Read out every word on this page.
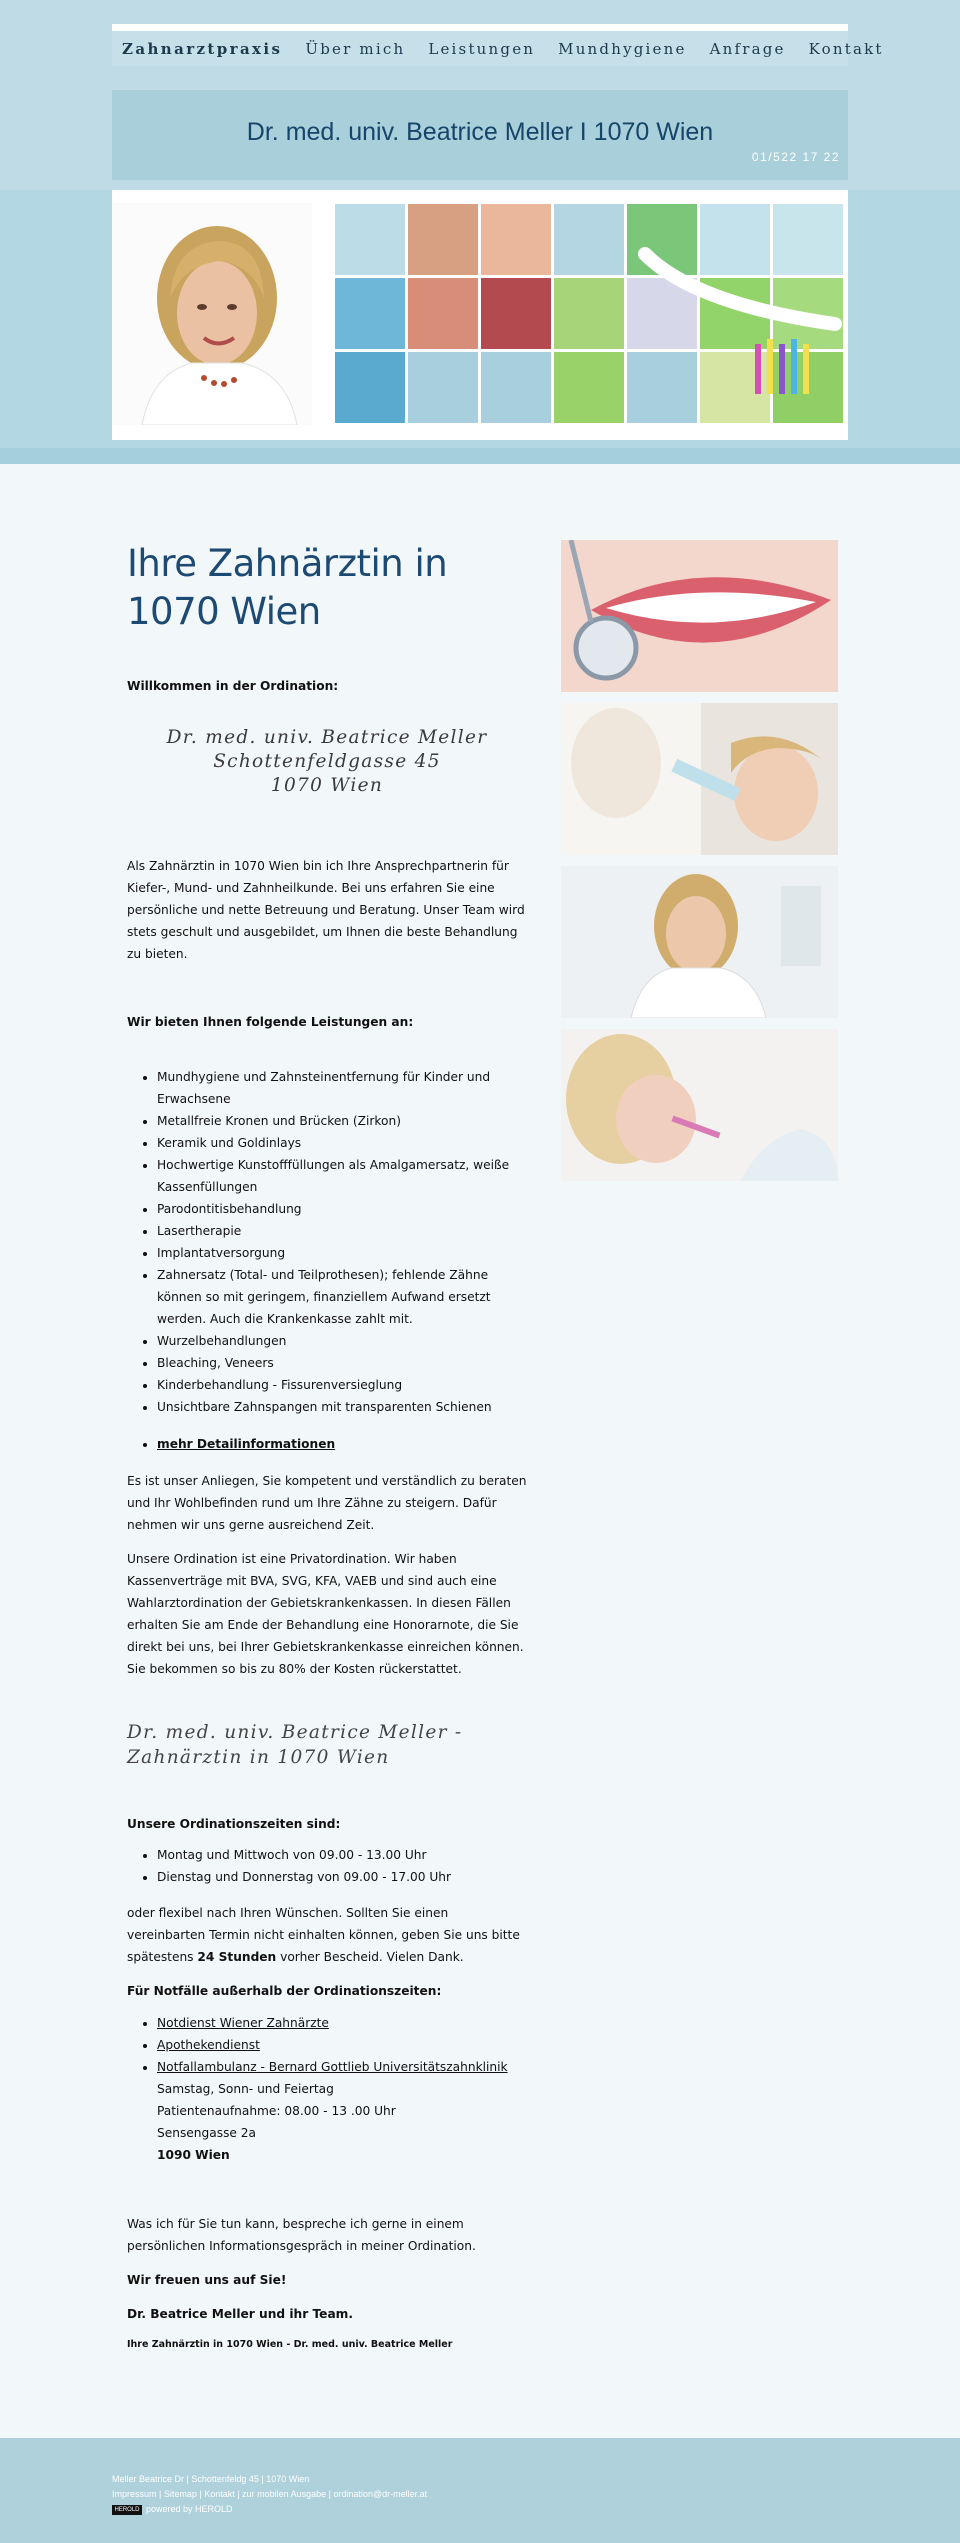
Zahnarztpraxis Über mich Leistungen Mundhygiene Anfrage Kontakt
Dr. med. univ. Beatrice Meller I 1070 Wien
01/522 17 22
Ihre Zahnärztin in 1070 Wien

Willkommen in der Ordination:

Dr. med. univ. Beatrice Meller

Schottenfeldgasse 45

1070 Wien

Als Zahnärztin in 1070 Wien bin ich Ihre Ansprechpartnerin für Kiefer-, Mund- und Zahnheilkunde. Bei uns erfahren Sie eine persönliche und nette Betreuung und Beratung. Unser Team wird stets geschult und ausgebildet, um Ihnen die beste Behandlung zu bieten.

Wir bieten Ihnen folgende Leistungen an:

• Mundhygiene und Zahnsteinentfernung für Kinder und Erwachsene
• Metallfreie Kronen und Brücken (Zirkon)
• Keramik und Goldinlays
• Hochwertige Kunstofffüllungen als Amalgamersatz, weiße Kassenfüllungen
• Parodontitisbehandlung
• Lasertherapie
• Implantatversorgung
• Zahnersatz (Total- und Teilprothesen); fehlende Zähne können so mit geringem, finanziellem Aufwand ersetzt werden. Auch die Krankenkasse zahlt mit.
• Wurzelbehandlungen
• Bleaching, Veneers
• Kinderbehandlung - Fissurenversieglung
• Unsichtbare Zahnspangen mit transparenten Schienen
• mehr Detailinformationen

Es ist unser Anliegen, Sie kompetent und verständlich zu beraten und Ihr Wohlbefinden rund um Ihre Zähne zu steigern. Dafür nehmen wir uns gerne ausreichend Zeit.

Unsere Ordination ist eine Privatordination. Wir haben Kassenverträge mit BVA, SVG, KFA, VAEB und sind auch eine Wahlarztordination der Gebietskrankenkassen. In diesen Fällen erhalten Sie am Ende der Behandlung eine Honorarnote, die Sie direkt bei uns, bei Ihrer Gebietskrankenkasse einreichen können. Sie bekommen so bis zu 80% der Kosten rückerstattet.

Dr. med. univ. Beatrice Meller - Zahnärztin in 1070 Wien

Unsere Ordinationszeiten sind:

• Montag und Mittwoch von 09.00 - 13.00 Uhr
• Dienstag und Donnerstag von 09.00 - 17.00 Uhr

oder flexibel nach Ihren Wünschen. Sollten Sie einen vereinbarten Termin nicht einhalten können, geben Sie uns bitte spätestens 24 Stunden vorher Bescheid. Vielen Dank.

Für Notfälle außerhalb der Ordinationszeiten:

• Notdienst Wiener Zahnärzte
• Apothekendienst
• Notfallambulanz - Bernard Gottlieb Universitätszahnklinik
Samstag, Sonn- und Feiertag
Patientenaufnahme: 08.00 - 13 .00 Uhr
Sensengasse 2a
1090 Wien

Was ich für Sie tun kann, bespreche ich gerne in einem persönlichen Informationsgespräch in meiner Ordination.

Wir freuen uns auf Sie!

Dr. Beatrice Meller und ihr Team.

Ihre Zahnärztin in 1070 Wien - Dr. med. univ. Beatrice Meller

Meller Beatrice Dr | Schottenfeldg 45 | 1070 Wien
Impressum | Sitemap | Kontakt | zur mobilen Ausgabe | ordination@dr-meller.at
HEROLD powered by HEROLD
